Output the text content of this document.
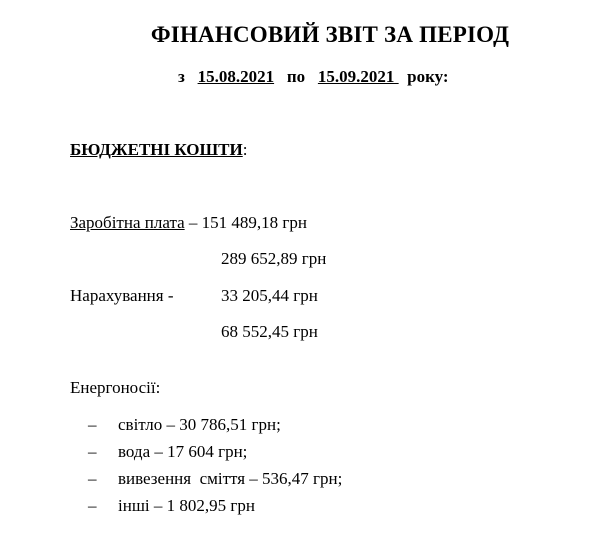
ФІНАНСОВИЙ ЗВІТ ЗА ПЕРІОД
з 15.08.2021 по 15.09.2021   року:
БЮДЖЕТНІ КОШТИ:
Заробітна плата – 151 489,18 грн
289 652,89 грн
Нарахування -	33 205,44 грн
68 552,45 грн
Енергоносії:
– світло – 30 786,51 грн;
– вода – 17 604 грн;
– вивезення  сміття – 536,47 грн;
– інші – 1 802,95 грн
